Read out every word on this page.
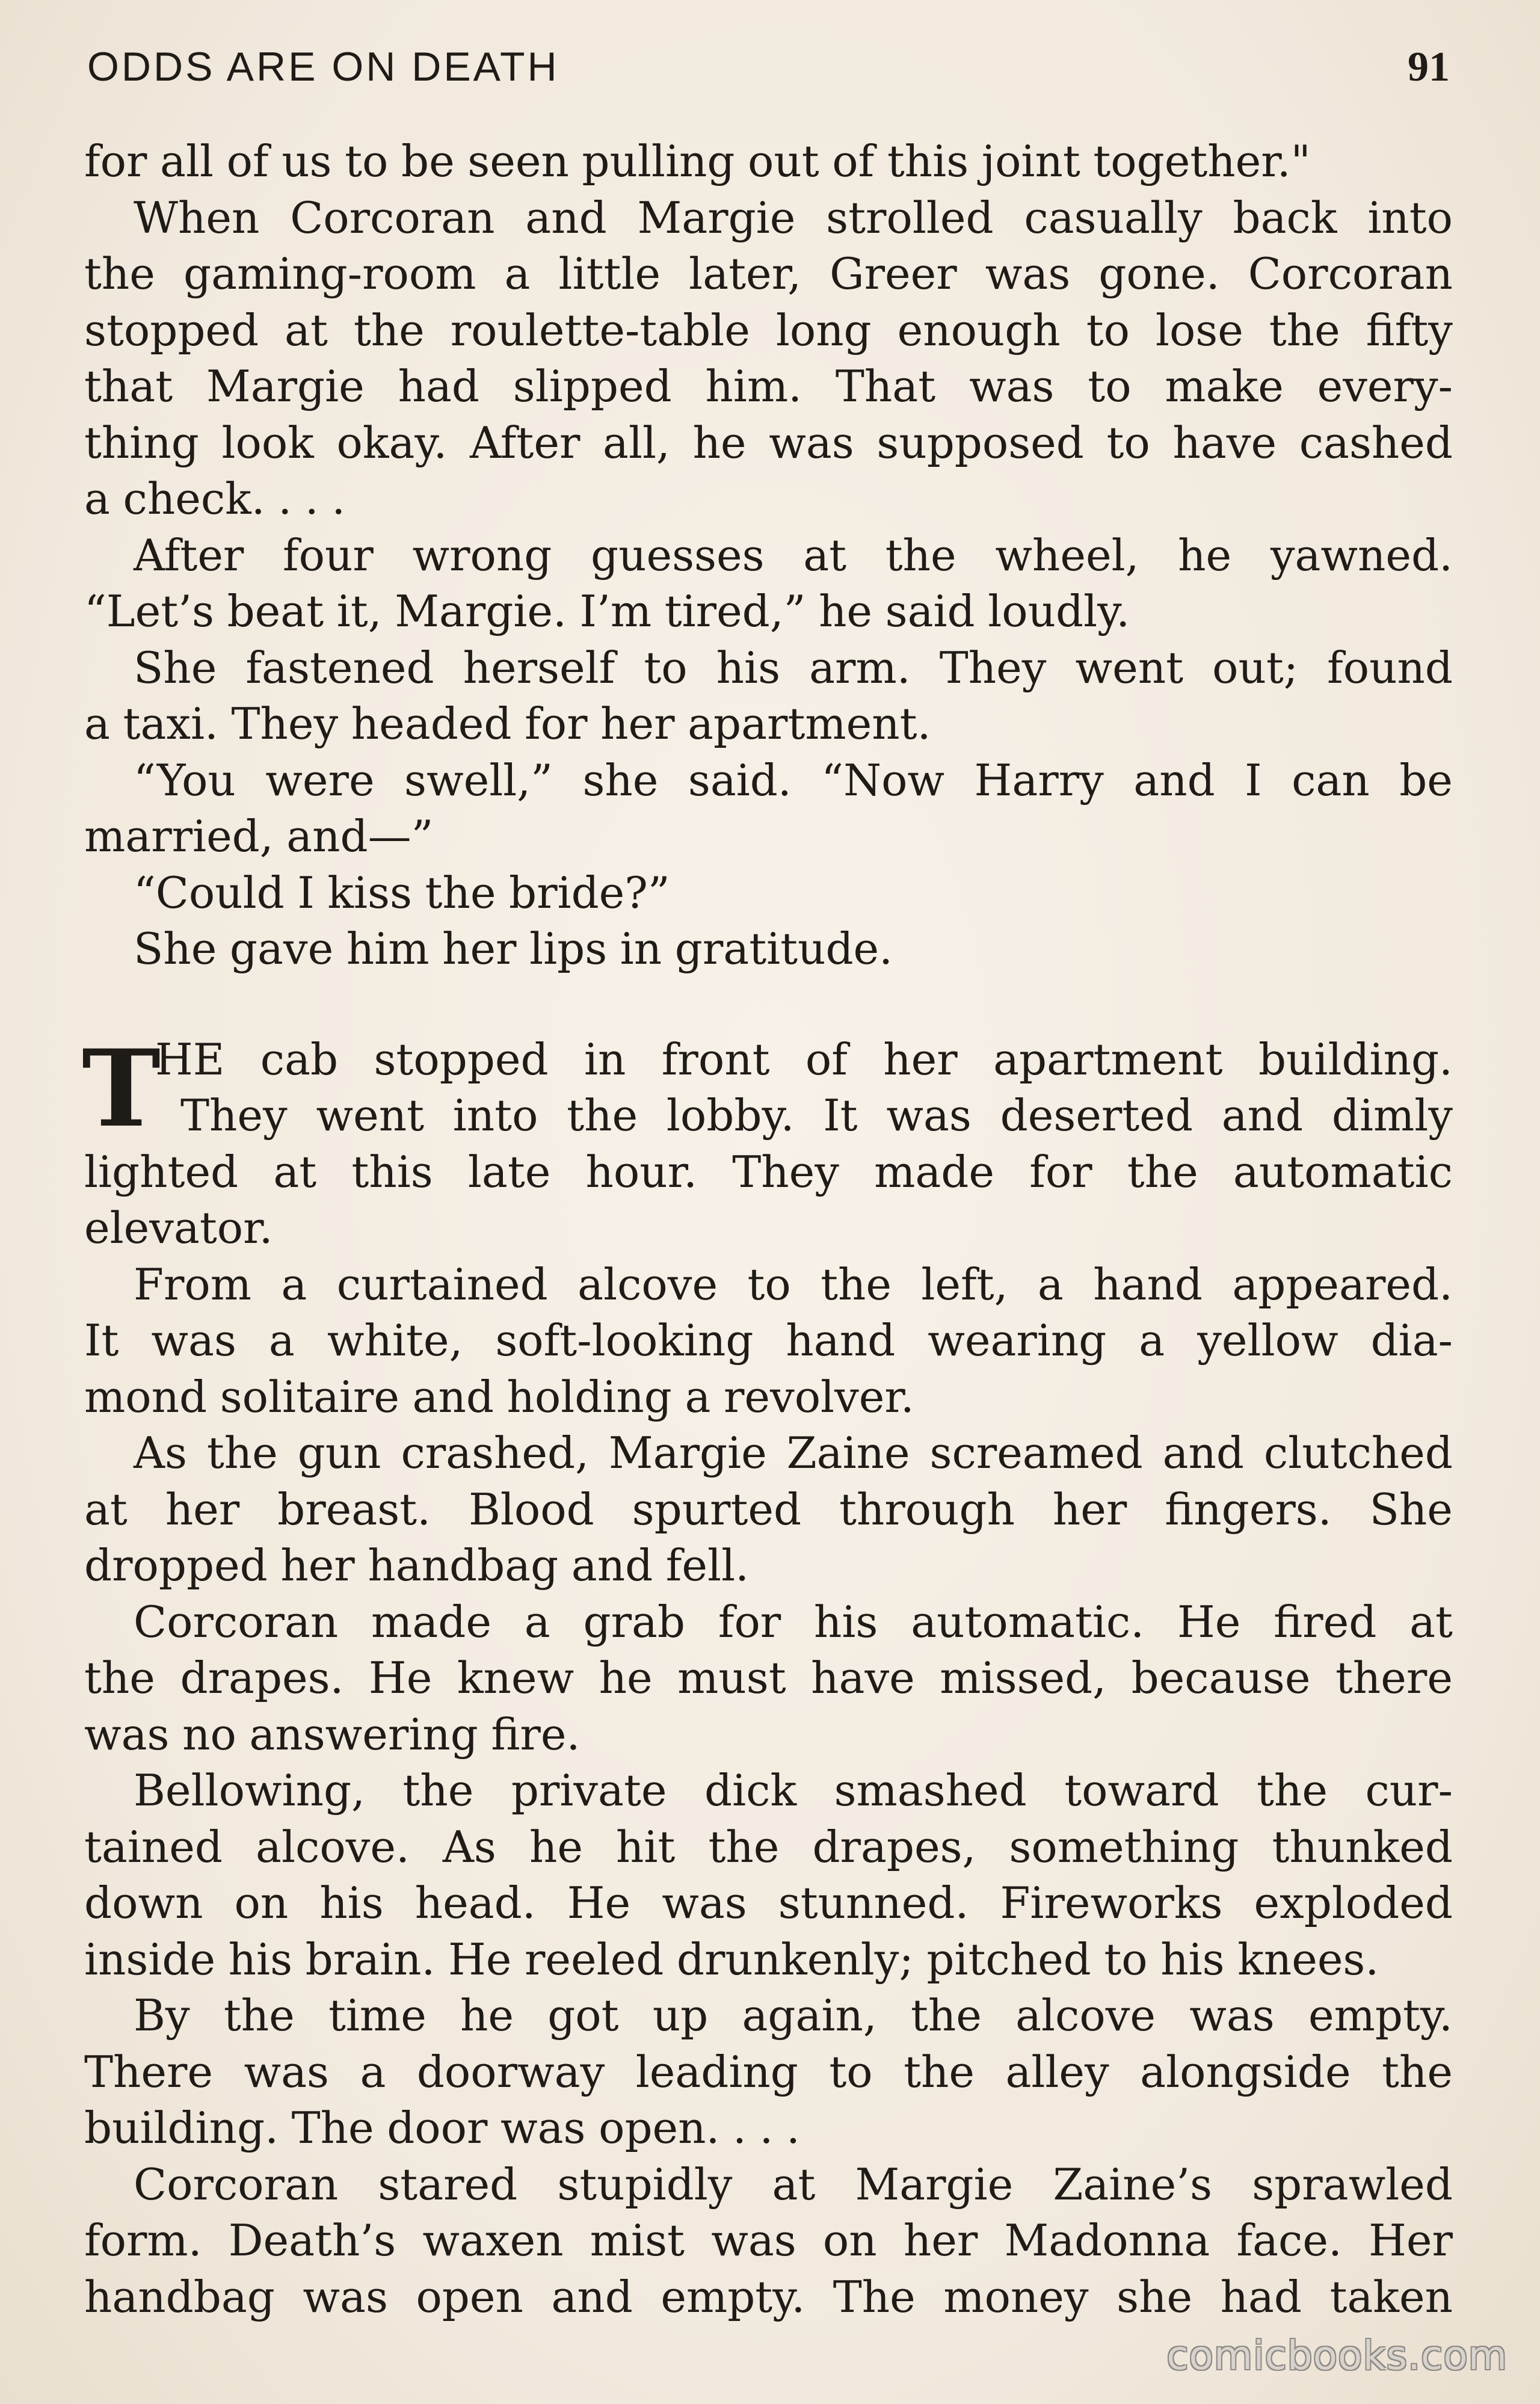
ODDS ARE ON DEATH	91
for all of us to be seen pulling out of this joint together."
When Corcoran and Margie strolled casually back into
the gaming-room a little later, Greer was gone. Corcoran
stopped at the roulette-table long enough to lose the fifty
that Margie had slipped him. That was to make every-
thing look okay. After all, he was supposed to have cashed
a check. . . .
After four wrong guesses at the wheel, he yawned.
“Let’s beat it, Margie. I’m tired,” he said loudly.
She fastened herself to his arm. They went out; found
a taxi. They headed for her apartment.
“You were swell,” she said. “Now Harry and I can be
married, and—”
“Could I kiss the bride?”
She gave him her lips in gratitude.
T
HE cab stopped in front of her apartment building.
They went into the lobby. It was deserted and dimly
lighted at this late hour. They made for the automatic
elevator.
From a curtained alcove to the left, a hand appeared.
It was a white, soft-looking hand wearing a yellow dia-
mond solitaire and holding a revolver.
As the gun crashed, Margie Zaine screamed and clutched
at her breast. Blood spurted through her fingers. She
dropped her handbag and fell.
Corcoran made a grab for his automatic. He fired at
the drapes. He knew he must have missed, because there
was no answering fire.
Bellowing, the private dick smashed toward the cur-
tained alcove. As he hit the drapes, something thunked
down on his head. He was stunned. Fireworks exploded
inside his brain. He reeled drunkenly; pitched to his knees.
By the time he got up again, the alcove was empty.
There was a doorway leading to the alley alongside the
building. The door was open. . . .
Corcoran stared stupidly at Margie Zaine’s sprawled
form. Death’s waxen mist was on her Madonna face. Her
handbag was open and empty. The money she had taken
comicbooks.com
